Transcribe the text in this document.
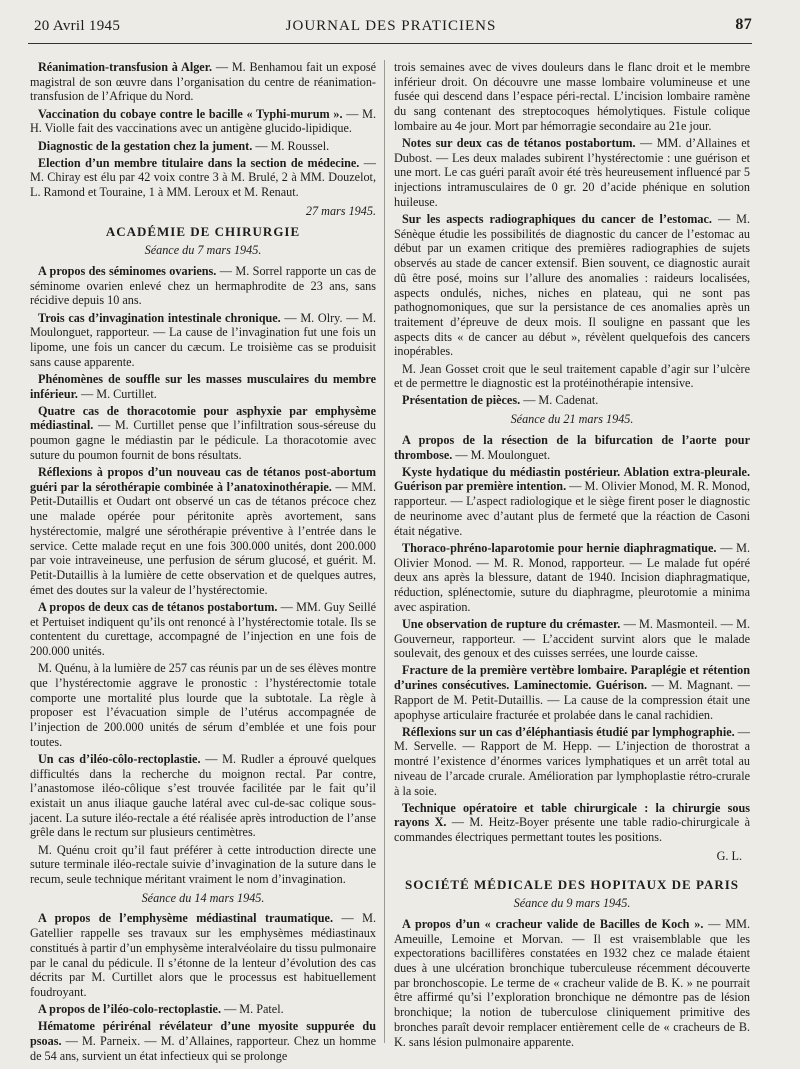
20 Avril 1945	JOURNAL DES PRATICIENS	87

Réanimation-transfusion à Alger. — M. Benhamou fait un exposé magistral de son œuvre dans l’organisation du centre de réanimation-transfusion de l’Afrique du Nord.

Vaccination du cobaye contre le bacille « Typhi-murum ». — M. H. Violle fait des vaccinations avec un antigène glucido-lipidique.

Diagnostic de la gestation chez la jument. — M. Roussel.

Election d’un membre titulaire dans la section de médecine. — M. Chiray est élu par 42 voix contre 3 à M. Brulé, 2 à MM. Douzelot, L. Ramond et Touraine, 1 à MM. Leroux et M. Renaut.

27 mars 1945.
ACADÉMIE DE CHIRURGIE
Séance du 7 mars 1945.

A propos des séminomes ovariens. — M. Sorrel rapporte un cas de séminome ovarien enlevé chez un hermaphrodite de 23 ans, sans récidive depuis 10 ans.

Trois cas d’invagination intestinale chronique. — M. Olry. — M. Moulonguet, rapporteur. — La cause de l’invagination fut une fois un lipome, une fois un cancer du cæcum. Le troisième cas se produisit sans cause apparente.

Phénomènes de souffle sur les masses musculaires du membre inférieur. — M. Curtillet.

Quatre cas de thoracotomie pour asphyxie par emphysème médiastinal. — M. Curtillet pense que l’infiltration sous-séreuse du poumon gagne le médiastin par le pédicule. La thoracotomie avec suture du poumon fournit de bons résultats.

Réflexions à propos d’un nouveau cas de tétanos post-abortum guéri par la sérothérapie combinée à l’anatoxinothérapie. — MM. Petit-Dutaillis et Oudart ont observé un cas de tétanos précoce chez une malade opérée pour péritonite après avortement, sans hystérectomie, malgré une sérothérapie préventive à l’entrée dans le service. Cette malade reçut en une fois 300.000 unités, dont 200.000 par voie intraveineuse, une perfusion de sérum glucosé, et guérit. M. Petit-Dutaillis à la lumière de cette observation et de quelques autres, émet des doutes sur la valeur de l’hystérectomie.

A propos de deux cas de tétanos postabortum. — MM. Guy Seillé et Pertuiset indiquent qu’ils ont renoncé à l’hystérectomie totale. Ils se contentent du curettage, accompagné de l’injection en une fois de 200.000 unités.

M. Quénu, à la lumière de 257 cas réunis par un de ses élèves montre que l’hystérectomie aggrave le pronostic : l’hystérectomie totale comporte une mortalité plus lourde que la subtotale. La règle à proposer est l’évacuation simple de l’utérus accompagnée de l’injection de 200.000 unités de sérum d’emblée et une fois pour toutes.

Un cas d’iléo-côlo-rectoplastie. — M. Rudler a éprouvé quelques difficultés dans la recherche du moignon rectal. Par contre, l’anastomose iléo-côlique s’est trouvée facilitée par le fait qu’il existait un anus iliaque gauche latéral avec cul-de-sac colique sous-jacent. La suture iléo-rectale a été réalisée après introduction de l’anse grêle dans le rectum sur plusieurs centimètres.

M. Quénu croit qu’il faut préférer à cette introduction directe une suture terminale iléo-rectale suivie d’invagination de la suture dans le recum, seule technique méritant vraiment le nom d’invagination.

Séance du 14 mars 1945.

A propos de l’emphysème médiastinal traumatique. — M. Gatellier rappelle ses travaux sur les emphysèmes médiastinaux constitués à partir d’un emphysème interalvéolaire du tissu pulmonaire par le canal du pédicule. Il s’étonne de la lenteur d’évolution des cas décrits par M. Curtillet alors que le processus est habituellement foudroyant.

A propos de l’iléo-colo-rectoplastie. — M. Patel.

Hématome périrénal révélateur d’une myosite suppurée du psoas. — M. Parneix. — M. d’Allaines, rapporteur. Chez un homme de 54 ans, survient un état infectieux qui se prolonge

trois semaines avec de vives douleurs dans le flanc droit et le membre inférieur droit. On découvre une masse lombaire volumineuse et une fusée qui descend dans l’espace péri-rectal. L’incision lombaire ramène du sang contenant des streptocoques hémolytiques. Fistule colique lombaire au 4e jour. Mort par hémorragie secondaire au 21e jour.

Notes sur deux cas de tétanos postabortum. — MM. d’Allaines et Dubost. — Les deux malades subirent l’hystérectomie : une guérison et une mort. Le cas guéri paraît avoir été très heureusement influencé par 5 injections intramusculaires de 0 gr. 20 d’acide phénique en solution huileuse.

Sur les aspects radiographiques du cancer de l’estomac. — M. Sénèque étudie les possibilités de diagnostic du cancer de l’estomac au début par un examen critique des premières radiographies de sujets observés au stade de cancer extensif. Bien souvent, ce diagnostic aurait dû être posé, moins sur l’allure des anomalies : raideurs localisées, aspects ondulés, niches, niches en plateau, qui ne sont pas pathognomoniques, que sur la persistance de ces anomalies après un traitement d’épreuve de deux mois. Il souligne en passant que les aspects dits « de cancer au début », révèlent quelquefois des cancers inopérables.

M. Jean Gosset croit que le seul traitement capable d’agir sur l’ulcère et de permettre le diagnostic est la protéinothérapie intensive.

Présentation de pièces. — M. Cadenat.

Séance du 21 mars 1945.

A propos de la résection de la bifurcation de l’aorte pour thrombose. — M. Moulonguet.

Kyste hydatique du médiastin postérieur. Ablation extra-pleurale. Guérison par première intention. — M. Olivier Monod, M. R. Monod, rapporteur. — L’aspect radiologique et le siège firent poser le diagnostic de neurinome avec d’autant plus de fermeté que la réaction de Casoni était négative.

Thoraco-phréno-laparotomie pour hernie diaphragmatique. — M. Olivier Monod. — M. R. Monod, rapporteur. — Le malade fut opéré deux ans après la blessure, datant de 1940. Incision diaphragmatique, réduction, splénectomie, suture du diaphragme, pleurotomie a minima avec aspiration.

Une observation de rupture du crémaster. — M. Masmonteil. — M. Gouverneur, rapporteur. — L’accident survint alors que le malade soulevait, des genoux et des cuisses serrées, une lourde caisse.

Fracture de la première vertèbre lombaire. Paraplégie et rétention d’urines consécutives. Laminectomie. Guérison. — M. Magnant. — Rapport de M. Petit-Dutaillis. — La cause de la compression était une apophyse articulaire fracturée et prolabée dans le canal rachidien.

Réflexions sur un cas d’éléphantiasis étudié par lymphographie. — M. Servelle. — Rapport de M. Hepp. — L’injection de thorostrat a montré l’existence d’énormes varices lymphatiques et un arrêt total au niveau de l’arcade crurale. Amélioration par lymphoplastie rétro-crurale à la soie.

Technique opératoire et table chirurgicale : la chirurgie sous rayons X. — M. Heitz-Boyer présente une table radio-chirurgicale à commandes électriques permettant toutes les positions.

G. L.
SOCIÉTÉ MÉDICALE DES HOPITAUX DE PARIS
Séance du 9 mars 1945.

A propos d’un « cracheur valide de Bacilles de Koch ». — MM. Ameuille, Lemoine et Morvan. — Il est vraisemblable que les expectorations bacillifères constatées en 1932 chez ce malade étaient dues à une ulcération bronchique tuberculeuse récemment découverte par bronchoscopie. Le terme de « cracheur valide de B. K. » ne pourrait être affirmé qu’si l’exploration bronchique ne démontre pas de lésion bronchique; la notion de tuberculose cliniquement primitive des bronches paraît devoir remplacer entièrement celle de « cracheurs de B. K. sans lésion pulmonaire apparente.
